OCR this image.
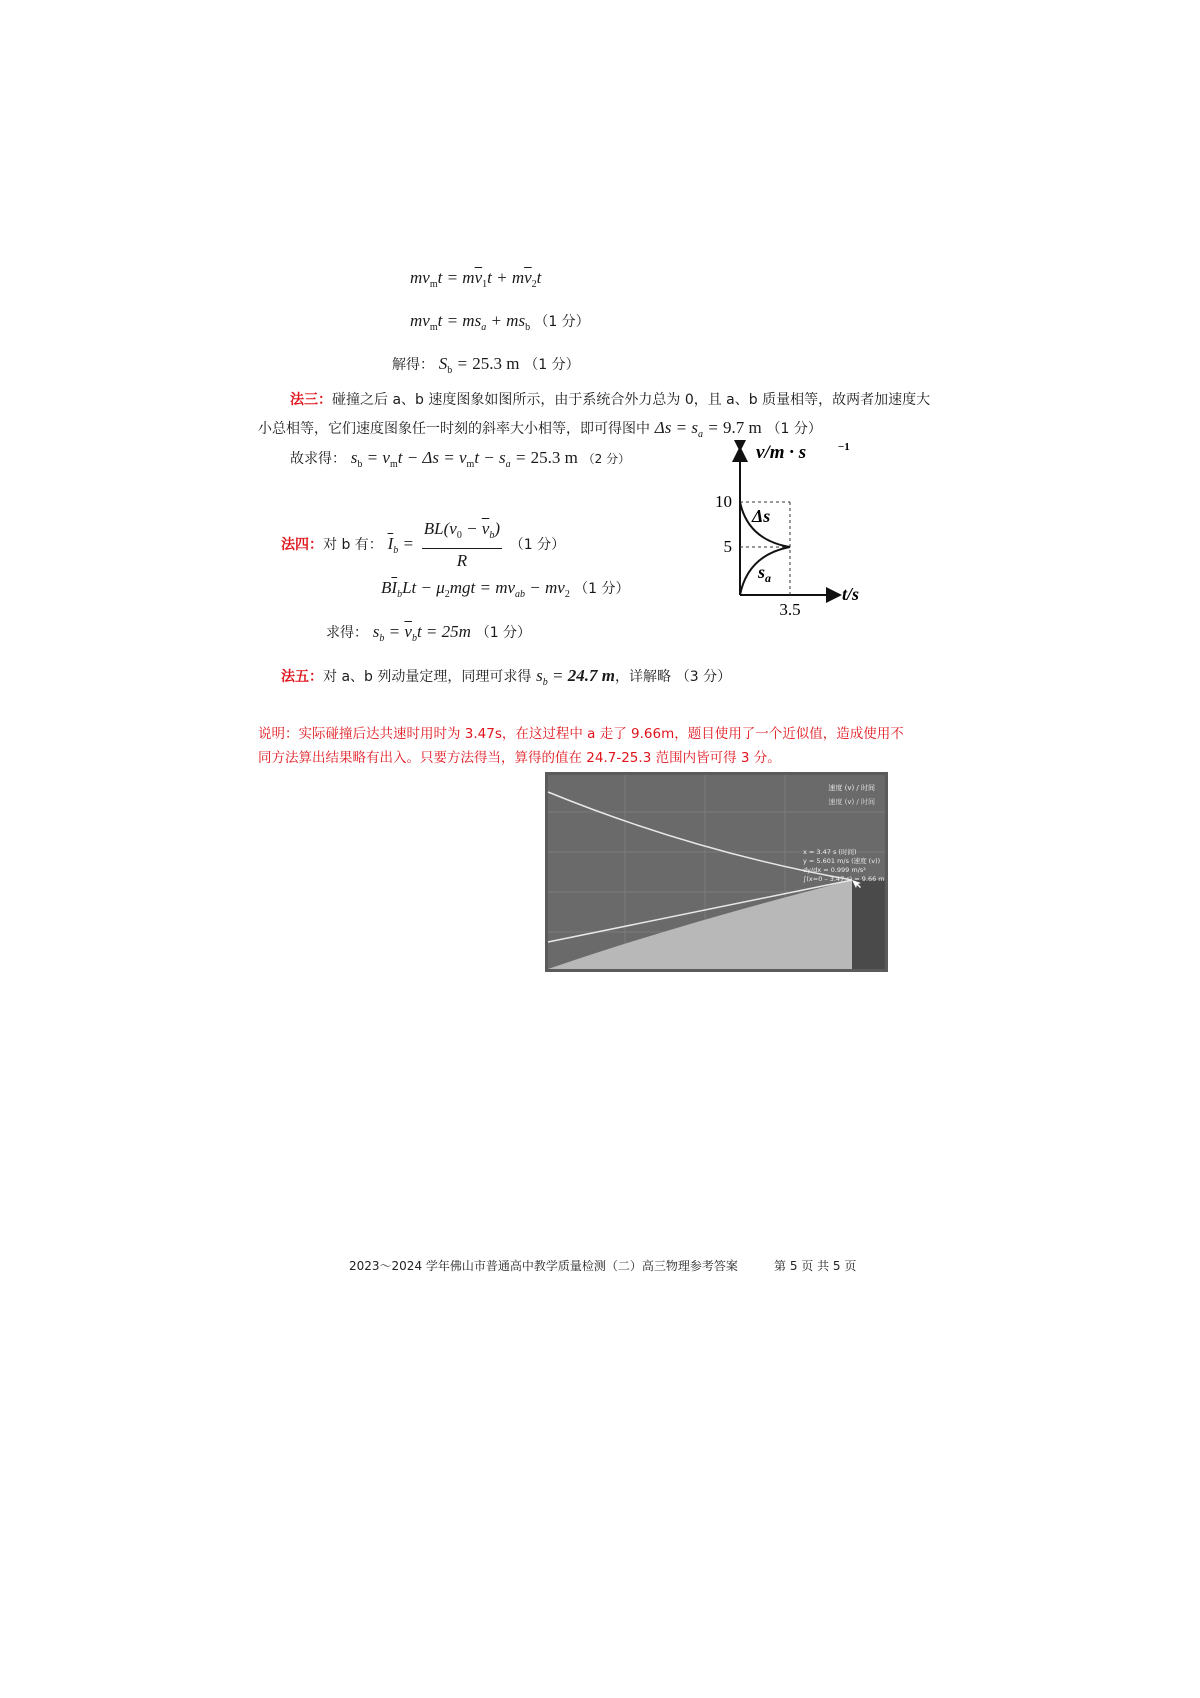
$mv_mt = m\overline{v}_1t + m\overline{v}_2t$
$mv_mt = ms_a + ms_b$ （1 分）
解得： $S_b = 25.3$ m （1 分）
法三：碰撞之后 a、b 速度图象如图所示，由于系统合外力总为 0，且 a、b 质量相等，故两者加速度大
小总相等，它们速度图象任一时刻的斜率大小相等，即可得图中 $\Delta s = s_a = 9.7$ m （1 分）
故求得： $s_b = v_mt - \Delta s = v_mt - s_a = 25.3$ m （2 分）
法四：对 b 有： $\overline{I}_b = \frac{BL(v_0 - \overline{v}_b)}{R} (1$ 分）
$B\overline{I}_bLt - \mu_2mgt = mv_{ab} - mv_2$ （1 分）
求得： $s_b = \overline{v}_bt = 25m$ （1 分）
法五：对 a、b 列动量定理，同理可求得 $s_b = 24.7$ m，详解略 （3 分）
说明：实际碰撞后达共速时用时为 3.47s，在这过程中 a 走了 9.66m，题目使用了一个近似值，造成使用不
同方法算出结果略有出入。只要方法得当，算得的值在 24.7-25.3 范围内皆可得 3 分。
10
5
3.5
v/m · s	−1
t/s
Δs
$s_a$
速度 (v) / 时间
速度 (v) / 时间
x = 3.47 s (时间)
y = 5.601 m/s (速度 (v))
dy/dx = 0.999 m/s²
∫(x=0 – 3.47 s) = 9.66 m
2023～2024 学年佛山市普通高中教学质量检测（二）高三物理参考答案	第 5 页 共 5 页
